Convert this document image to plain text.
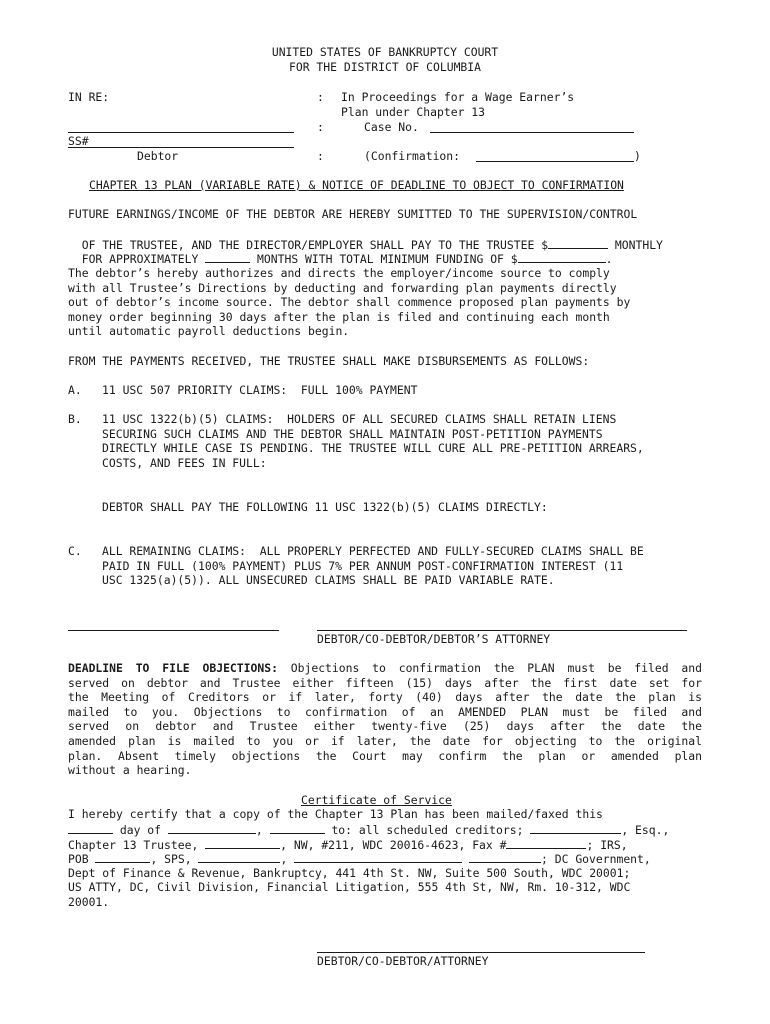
UNITED STATES OF BANKRUPTCY COURT
FOR THE DISTRICT OF COLUMBIA
IN RE:	: In Proceedings for a Wage Earner’s
Plan under Chapter 13
:	Case No.
SS#
Debtor	:	(Confirmation:	)
CHAPTER 13 PLAN (VARIABLE RATE) & NOTICE OF DEADLINE TO OBJECT TO CONFIRMATION
FUTURE EARNINGS/INCOME OF THE DEBTOR ARE HEREBY SUMITTED TO THE SUPERVISION/CONTROL

OF THE TRUSTEE, AND THE DIRECTOR/EMPLOYER SHALL PAY TO THE TRUSTEE $	MONTHLY

FOR APPROXIMATELY	MONTHS WITH TOTAL MINIMUM FUNDING OF $	.

The debtor’s hereby authorizes and directs the employer/income source to comply
with all Trustee’s Directions by deducting and forwarding plan payments directly
out of debtor’s income source. The debtor shall commence proposed plan payments by
money order beginning 30 days after the plan is filed and continuing each month
until automatic payroll deductions begin.
FROM THE PAYMENTS RECEIVED, THE TRUSTEE SHALL MAKE DISBURSEMENTS AS FOLLOWS:
A. 11 USC 507 PRIORITY CLAIMS:  FULL 100% PAYMENT
B. 11 USC 1322(b)(5) CLAIMS:  HOLDERS OF ALL SECURED CLAIMS SHALL RETAIN LIENS
SECURING SUCH CLAIMS AND THE DEBTOR SHALL MAINTAIN POST-PETITION PAYMENTS
DIRECTLY WHILE CASE IS PENDING. THE TRUSTEE WILL CURE ALL PRE-PETITION ARREARS,
COSTS, AND FEES IN FULL:
DEBTOR SHALL PAY THE FOLLOWING 11 USC 1322(b)(5) CLAIMS DIRECTLY:
C. ALL REMAINING CLAIMS:  ALL PROPERLY PERFECTED AND FULLY-SECURED CLAIMS SHALL BE
PAID IN FULL (100% PAYMENT) PLUS 7% PER ANNUM POST-CONFIRMATION INTEREST (11
USC 1325(a)(5)). ALL UNSECURED CLAIMS SHALL BE PAID VARIABLE RATE.
DEBTOR/CO-DEBTOR/DEBTOR’S ATTORNEY
DEADLINE TO FILE OBJECTIONS: Objections to confirmation the PLAN must be filed and
served on debtor and Trustee either fifteen (15) days after the first date set for
the Meeting of Creditors or if later, forty (40) days after the date the plan is
mailed to you. Objections to confirmation of an AMENDED PLAN must be filed and
served on debtor and Trustee either twenty-five (25) days after the date the
amended plan is mailed to you or if later, the date for objecting to the original
plan. Absent timely objections the Court may confirm the plan or amended plan
without a hearing.
Certificate of Service
I hereby certify that a copy of the Chapter 13 Plan has been mailed/faxed this
day of	,	to: all scheduled creditors;	, Esq.,
Chapter 13 Trustee,	, NW, #211, WDC 20016-4623, Fax #	; IRS,
POB	, SPS,	,	; DC Government,
Dept of Finance & Revenue, Bankruptcy, 441 4th St. NW, Suite 500 South, WDC 20001;
US ATTY, DC, Civil Division, Financial Litigation, 555 4th St, NW, Rm. 10-312, WDC
20001.
DEBTOR/CO-DEBTOR/ATTORNEY
